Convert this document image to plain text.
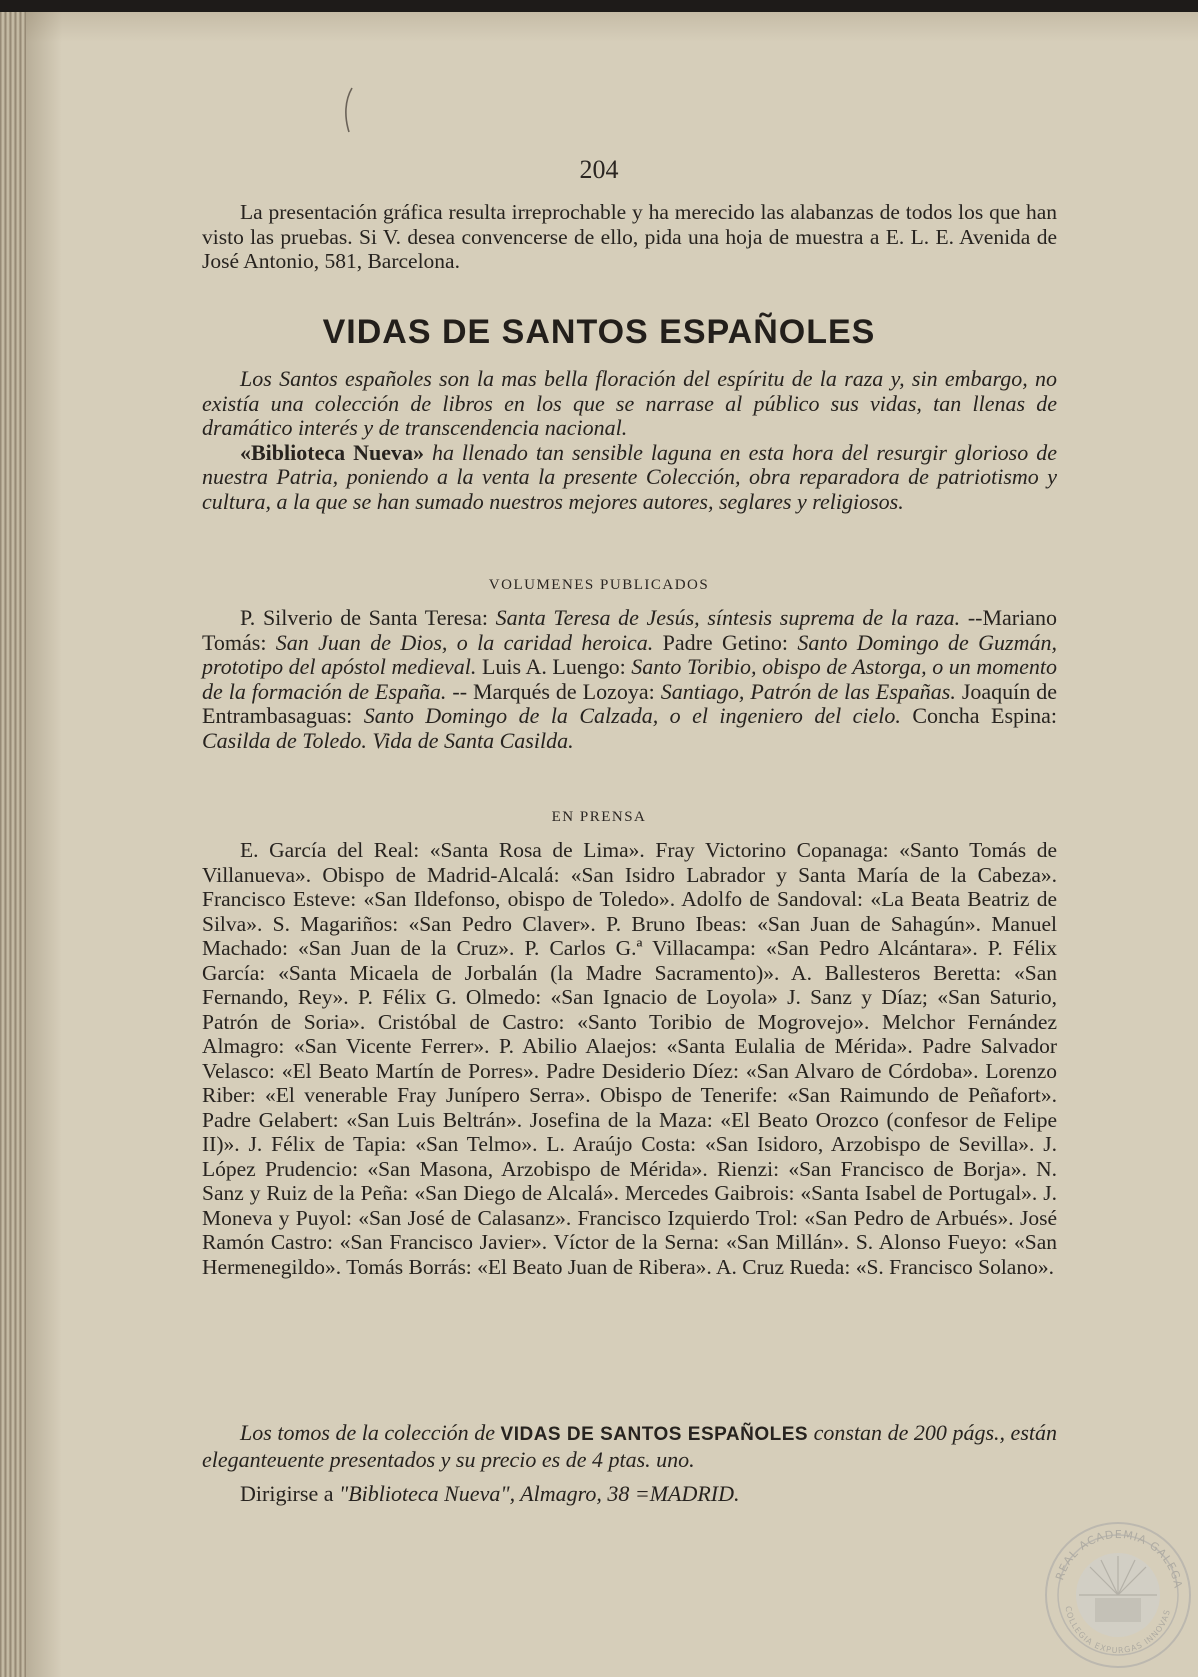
204

La presentación gráfica resulta irreprochable y ha merecido las alabanzas de todos los que han visto las pruebas. Si V. desea convencerse de ello, pida una hoja de muestra a E. L. E. Avenida de José Antonio, 581, Barcelona.

VIDAS DE SANTOS ESPAÑOLES

Los Santos españoles son la mas bella floración del espíritu de la raza y, sin embargo, no existía una colección de libros en los que se narrase al público sus vidas, tan llenas de dramático interés y de transcendencia nacional.

«Biblioteca Nueva» ha llenado tan sensible laguna en esta hora del resurgir glorioso de nuestra Patria, poniendo a la venta la presente Colección, obra reparadora de patriotismo y cultura, a la que se han sumado nuestros mejores autores, seglares y religiosos.

VOLUMENES PUBLICADOS

P. Silverio de Santa Teresa: Santa Teresa de Jesús, síntesis suprema de la raza. --Mariano Tomás: San Juan de Dios, o la caridad heroica. Padre Getino: Santo Domingo de Guzmán, prototipo del apóstol medieval. Luis A. Luengo: Santo Toribio, obispo de Astorga, o un momento de la formación de España. -- Marqués de Lozoya: Santiago, Patrón de las Españas. Joaquín de Entrambasaguas: Santo Domingo de la Calzada, o el ingeniero del cielo. Concha Espina: Casilda de Toledo. Vida de Santa Casilda.

EN PRENSA

E. García del Real: «Santa Rosa de Lima». Fray Victorino Copanaga: «Santo Tomás de Villanueva». Obispo de Madrid-Alcalá: «San Isidro Labrador y Santa María de la Cabeza». Francisco Esteve: «San Ildefonso, obispo de Toledo». Adolfo de Sandoval: «La Beata Beatriz de Silva». S. Magariños: «San Pedro Claver». P. Bruno Ibeas: «San Juan de Sahagún». Manuel Machado: «San Juan de la Cruz». P. Carlos G.ª Villacampa: «San Pedro Alcántara». P. Félix García: «Santa Micaela de Jorbalán (la Madre Sacramento)». A. Ballesteros Beretta: «San Fernando, Rey». P. Félix G. Olmedo: «San Ignacio de Loyola» J. Sanz y Díaz; «San Saturio, Patrón de Soria». Cristóbal de Castro: «Santo Toribio de Mogrovejo». Melchor Fernández Almagro: «San Vicente Ferrer». P. Abilio Alaejos: «Santa Eulalia de Mérida». Padre Salvador Velasco: «El Beato Martín de Porres». Padre Desiderio Díez: «San Alvaro de Córdoba». Lorenzo Riber: «El venerable Fray Junípero Serra». Obispo de Tenerife: «San Raimundo de Peñafort». Padre Gelabert: «San Luis Beltrán». Josefina de la Maza: «El Beato Orozco (confesor de Felipe II)». J. Félix de Tapia: «San Telmo». L. Araújo Costa: «San Isidoro, Arzobispo de Sevilla». J. López Prudencio: «San Masona, Arzobispo de Mérida». Rienzi: «San Francisco de Borja». N. Sanz y Ruiz de la Peña: «San Diego de Alcalá». Mercedes Gaibrois: «Santa Isabel de Portugal». J. Moneva y Puyol: «San José de Calasanz». Francisco Izquierdo Trol: «San Pedro de Arbués». José Ramón Castro: «San Francisco Javier». Víctor de la Serna: «San Millán». S. Alonso Fueyo: «San Hermenegildo». Tomás Borrás: «El Beato Juan de Ribera». A. Cruz Rueda: «S. Francisco Solano».

Los tomos de la colección de VIDAS DE SANTOS ESPAÑOLES constan de 200 págs., están eleganteuente presentados y su precio es de 4 ptas. uno.

Dirigirse a "Biblioteca Nueva", Almagro, 38 =MADRID.

REAL ACADEMIA GALEGA
COLLEGIA EXPURGAS INNOVAS
